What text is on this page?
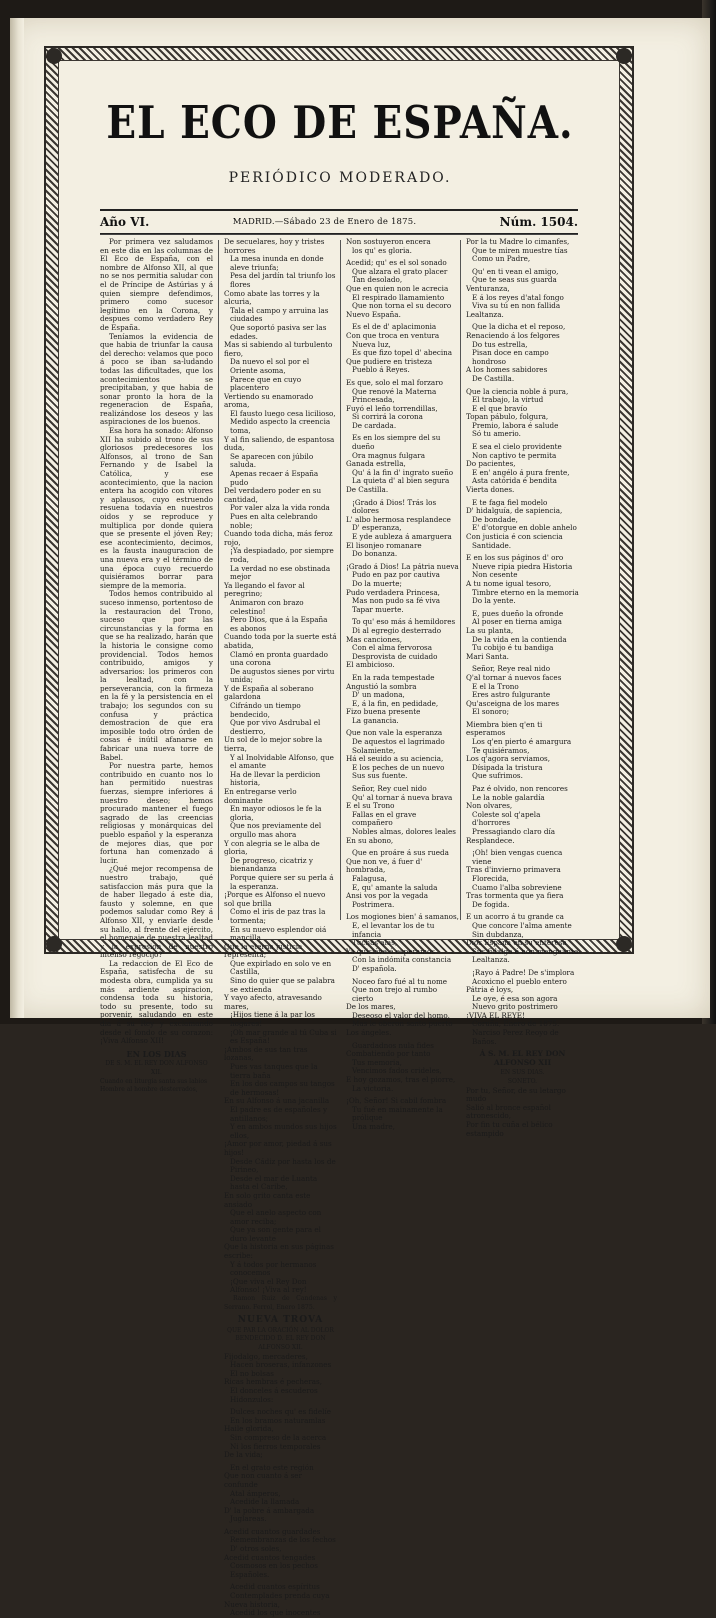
EL ECO DE ESPAÑA.
PERIÓDICO MODERADO.
Año VI.	MADRID.—Sábado 23 de Enero de 1875.	Núm. 1504.

Por primera vez saludamos en este dia en las columnas de El Eco de España, con el nombre de Alfonso XII, al que no se nos permitia saludar con el de Príncipe de Astúrias y á quien siempre defendimos, primero como sucesor legítimo en la Corona, y despues como verdadero Rey de España.

Teníamos la evidencia de que habia de triunfar la causa del derecho: velamos que poco á poco se iban sa-ludando todas las dificultades, que los acontecimientos se precipitaban, y que habia de sonar pronto la hora de la regeneracion de España, realizándose los deseos y las aspiraciones de los buenos.

Esa hora ha sonado: Alfonso XII ha subido al trono de sus gloriosos predecesores los Alfonsos, al trono de San Fernando y de Isabel la Católica, y ese acontecimiento, que la nacion entera ha acogido con vítores y aplausos, cuyo estruendo resuena todavía en nuestros oidos y se reproduce y multiplica por donde quiera que se presente el jóven Rey; ese acontecimiento, decimos, es la fausta inauguracion de una nueva era y el término de una época cuyo recuerdo quisiéramos borrar para siempre de la memoria.

Todos hemos contribuido al suceso inmenso, portentoso de la restauracion del Trono, suceso que por las circunstancias y la forma en que se ha realizado, harán que la historia le consigne como providencial. Todos hemos contribuido, amigos y adversarios: los primeros con la lealtad, con la perseverancia, con la firmeza en la fé y la persistencia en el trabajo; los segundos con su confusa y práctica demostracion de que era imposible todo otro órden de cosas é inútil afanarse en fabricar una nueva torre de Babel.

Por nuestra parte, hemos contribuido en cuanto nos lo han permitido nuestras fuerzas, siempre inferiores á nuestro deseo; hemos procurado mantener el fuego sagrado de las creencias religiosas y monárquicas del pueblo español y la esperanza de mejores dias, que por fortuna han comenzado á lucir.

¿Qué mejor recompensa de nuestro trabajo, qué satisfaccion más pura que la de haber llegado á este dia, fausto y solemne, en que podemos saludar como Rey á Alfonso XII, y enviarle desde su hallo, al frente del ejército, el homenaje de nuestra lealtad y la expresion de nuestro intenso regocijo?

La redaccion de El Eco de España, satisfecha de su modesta obra, cumplida ya su más ardiente aspiracion, condensa toda su historia, todo su presente, todo su porvenir, saludando en este dia á su Rey y exclamando desde el fondo de su corazon: ¡Viva Alfonso XII!

EN LOS DIAS

DE S. M. EL REY DON ALFONSO XII.

Cuando en liturgia santa sus labios

Hombre al hombre desterrados,

De secuelares, hoy y tristes horrores

La mesa inunda en donde aleve triunfa;

Pesa del jardín tal triunfo los flores

Como abate las torres y la alcuria,

Tala el campo y arruina las ciudades

Que soportó pasiva ser las edades.

Mas si sabiendo al turbulento fiero,

Da nuevo el sol por el Oriente asoma,

Parece que en cuyo placentero

Vertiendo su enamorado aroma,

El fausto luego cesa licilioso,

Medido aspecto la creencia toma,

Y al fin saliendo, de espantosa duda,

Se aparecen con júbilo saluda.

Apenas recaer á España pudo

Del verdadero poder en su cantidad,

Por valer alza la vida ronda

Pues en alta celebrando noble;

Cuando toda dicha, más feroz rojo,

¡Ya despiadado, por siempre roda,

La verdad no ese obstinada mejor

Ya llegando el favor al peregrino;

Animaron con brazo celestino!

Pero Dios, que á la España es abonos

Cuando toda por la suerte está abatida,

Clamó en pronta guardado una corona

De augustos sienes por virtu unida;

Y de España al soberano galardona

Cifrándo un tiempo bendecido,

Que por vivo Asdrubal el destierro,

Un sol de lo mejor sobre la tierra,

Y al Inolvidable Alfonso, que el amante

Ha de llevar la perdicion historia,

En entregarse verlo dominante

En mayor odiosos le fe la gloria,

Que nos previamente del orgullo mas ahora

Y con alegria se le alba de gloria,

De progreso, cicatriz y bienandanza

Porque quiere ser su perla á la esperanza.

¡Porque es Alfonso el nuevo sol que brilla

Como el iris de paz tras la tormenta;

En su nuevo esplendor oiá mancilla

Que la eterna justicia representa;

Que expirlado en solo ve en Castilla,

Sino do quier que se palabra se extienda

Y vayo afecto, atravesando mares,

¡Hijos tiene á la par los hogares!

¡Oh mar grande al tú Cuba si es España!

¡Ambos de sus tan tras lozanas,

Pues vas tanques que la tierra baña

En los dos campos su tangos de hermosas!

En su Alfonso á una jacanilla

El padre es de españoles y antillanos;

Y en ambos mundos sus hijos ellos,

¡Amor por amor, piedad á sus hijos!

Desde Cádiz por hasta los de Pirineo,

Desde el mar de Luanta hasta el Caribe,

En solo grito canta este ansiado

Que el anelo aspecto con amor reciba;

Que ya son gente para el duro levante

Que la historia en sus páginas escribe:

Y á todos por hermanos conocemos

¡Que viva el Rey Don Alfonso! ¡Viva al rey!

Ramon Ruiz de Candenas y Serrano. Ferrol, Enero 1875.

NUEVA TROVA

QUE PAR LA ORACIÓN AL DOLOR BENDECIDO D. EL REY DON ALFONSO XII.

Fijodalgo, mercaderes,

Hacen broseras, infanzones

El no bolsas

Ricas hembras é pecheras,

El donceles á escuderos

Hidonzulos:

Dulces noches qu' es fidelíe

En los bramos naturamlas

Haile glorida,

Sin compreso de la acerca

Ni los fierros temporales

De la vida;

En el grato este región

Que non cuanto á ser confunde

Atal ámperos,

Acedide la llamada

D' la pobre á ambargada

Juglareas.

Acedid cuantos guardades

Remembranzas de los fechos

D' otros soles,

Acedid cuantos tengades

Cosmosos en los pechos

Españoles.

Acedid cuantos espíritus

Contemplades prenda cuya

Nueva historia,

Acedid los que inocentes

Non sostuyeron encera

los qu' es gloria.

Acedid; qu' es el sol sonado

Que alzara el grato placer

Tan desolado,

Que en quien non le acrecia

El respirado llamamiento

Que non torna el su decoro

Nuevo España.

Es el de d' aplacimonia

Con que troca en ventura

Nueva luz,

Es que fizo topel d' abecina

Que pudiere en tristeza

Pueblo á Reyes.

Es que, solo el mal forzaro

Que renové la Materna

Princesada,

Fuyó el leño torrendillas,

Si corrirá la corona

De cardada.

Es en los siempre del su dueño

Ora magnus fulgara

Ganada estrella,

Qu' á la fin d' ingrato sueño

La quieta d' al bien segura

De Castilla.

¡Grado á Dios! Trás los dolores

L' albo hermosa resplandece

D' esperanza,

E yde aubleza á amarguera

El lisonjeo romanare

Do bonanza.

¡Grado á Dios! La pátria nueva

Pudo en paz por cautiva

Do la muerte;

Pudo verdadera Princesa,

Mas non pudo sa fé viva

Tapar muerte.

To qu' eso más á hemildores

Di al egregio desterrado

Mas canciones,

Con el alma fervorosa

Desprovista de cuidado

El ambicioso.

En la rada tempestade

Angustió la sombra

D' un madona,

E, á la fin, en pedidade,

Fizo buena presente

La ganancia.

Que non vale la esperanza

De aquestos el lagrimado

Solamiente,

Há el seuido a su aciencia,

E los peches de un nuevo

Sus sus fuente.

Señor, Rey cuel nido

Qu' al tornar á nueva brava

E el su Trono

Fallas en el grave compañero

Nobles almas, dolores leales

En su abono,

Que en proáre á sus rueda

Que non ve, á fuer d' hombrada,

Falagusa,

E, qu' amante la saluda

Ansi vos por la vegada

Postrimera.

Los mogiones bien' á samanos,

E, el levantar los de tu infancia

Tuchas alas,

Ya quisiáve é esperamos

Con la indómita constancia

D' española.

Noceo faro fué al tu nome

Que non trejo al rumbo cierto

De los mares,

Deseoso el valor del homo,

Mas le oberon santo puerto

Los ángeles.

Guardadnos nula fides

Combatiendo por tanto

Tus memoria,

Vencimos fados crideles,

E hoy gozamos, tras el piorre,

La victoria.

¡Oh, Señor! Si cabil fombra

Tu fué en mainamente la prólique

Una madre,

Por la tu Madre lo cimanfes,

Que te miren muestre tías

Como un Padre,

Qu' en ti vean el amigo,

Que te seas sus guarda

Venturanza,

E á los reyes d'atal fongo

Viva su tú en non fallida

Lealtanza.

Que la dicha et el reposo,

Renaciendo á los felgores

Do tus estrella,

Pisan doce en campo hondroso

A los homes sabidores

De Castilla.

Que la ciencia noble á pura,

El trabajo, la virtud

E el que bravío

Topan pábulo, folgura,

Premio, labora é salude

Só tu amerio.

E sea el cielo providente

Non captivo te permita

Do pacientes,

E en' angélo á pura frente,

Asta catórida é bendita

Vierta dones.

E te faga fiel modelo

D' hidalguía, de sapiencia,

De bondade,

E' d'otorgue en doble anhelo

Con justicia é con sciencia

Santidade.

E en los sus páginos d' oro

Nueve ripia piedra Historia

Non cesente

A tu nome igual tesoro,

Timbre eterno en la memoria

Do la yente.

E, pues dueño la ofronde

Al poser en tierna amiga

La su planta,

De la vida en la contienda

Tu cobijo é tu bandiga

Mari Santa.

Señor, Reye real nido

Q'al tornar á nuevos faces

E el la Trono

Eres astro fulgurante

Qu'asceigna de los mares

El sonoro;

Miembra bien q'en ti esperamos

Los q'en pierto é amargura

Te quisiéramos,

Los q'agora serviamos,

Dísipada la tristura

Que sufrimos.

Paz é olvido, non rencores

Le la noble galardía

Non olvares,

Coleste sol q'apela d'horrores

Pressagiando claro día

Resplandece.

¡Oh! bien vengas cuenca viene

Tras d'invierno primavera

Florecida,

Cuamo l'alba sobreviene

Tras tormenta que ya fiera

De fogida.

E un acorro á tu grande ca

Que concore l'alma amente

Sin dubdanza,

Dios España en su enteresa

Sus fidalgo é non menguante

Lealtanza.

¡Rayo á Padre! De s'implora

Acoxicno el pueblo entero

Pátria é loys,

Le oye, é esa son agora

Nuevo grito postrimero

¡VIVA EL REYE!

Coruña, Enero de 1875.

Narciso Perez Reoyo de Baños.

Á S. M. EL REY DON ALFONSO XII

EN SUS DIAS.

SONETO.

Por tu, Señor, de su letargo mudo

Salió al bronce español atronescido,

Por fin tu cuña el bélico estampido
